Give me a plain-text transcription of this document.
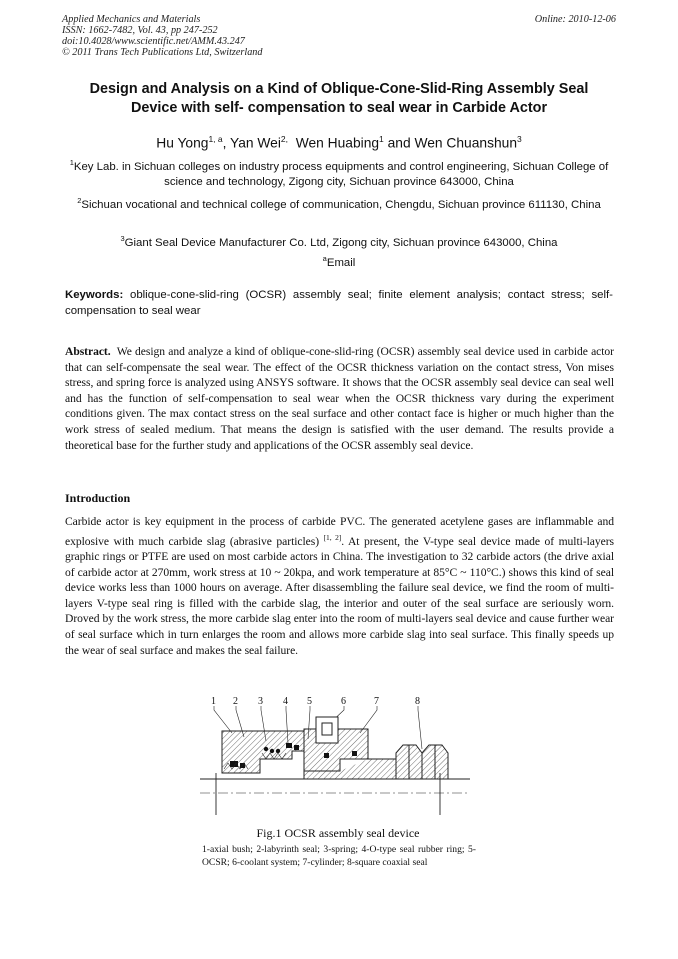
Applied Mechanics and Materials
ISSN: 1662-7482, Vol. 43, pp 247-252
doi:10.4028/www.scientific.net/AMM.43.247
© 2011 Trans Tech Publications Ltd, Switzerland
Online: 2010-12-06
Design and Analysis on a Kind of Oblique-Cone-Slid-Ring Assembly Seal
Device with self- compensation to seal wear in Carbide Actor
Hu Yong$^{1, a}$, Yan Wei$^{2,}$ Wen Huabing$^1$ and Wen Chuanshun$^3$
$^1$Key Lab. in Sichuan colleges on industry process equipments and control engineering, Sichuan College of science and technology, Zigong city, Sichuan province 643000, China
$^2$Sichuan vocational and technical college of communication, Chengdu, Sichuan province 611130, China
$^3$Giant Seal Device Manufacturer Co. Ltd, Zigong city, Sichuan province 643000, China
$^a$Email
Keywords: oblique-cone-slid-ring (OCSR) assembly seal; finite element analysis; contact stress; self- compensation to seal wear
Abstract. We design and analyze a kind of oblique-cone-slid-ring (OCSR) assembly seal device used in carbide actor that can self-compensate the seal wear. The effect of the OCSR thickness variation on the contact stress, Von mises stress, and spring force is analyzed using ANSYS software. It shows that the OCSR assembly seal device can seal well and has the function of self-compensation to seal wear when the OCSR thickness vary during the experiment conditions given. The max contact stress on the seal surface and other contact face is higher or much higher than the work stress of sealed medium. That means the design is satisfied with the user demand. The results provide a theoretical base for the further study and applications of the OCSR assembly seal device.
Introduction
Carbide actor is key equipment in the process of carbide PVC. The generated acetylene gases are inflammable and explosive with much carbide slag (abrasive particles) [1, 2]. At present, the V-type seal device made of multi-layers graphic rings or PTFE are used on most carbide actors in China. The investigation to 32 carbide actors (the drive axial of carbide actor at 270mm, work stress at 10 ~ 20kpa, and work temperature at 85°C ~ 110°C.) shows this kind of seal device works less than 1000 hours on average. After disassembling the failure seal device, we find the room of multi-layers V-type seal ring is filled with the carbide slag, the interior and outer of the seal surface are seriously worn. Droved by the work stress, the more carbide slag enter into the room of multi-layers seal device and cause further wear of seal surface which in turn enlarges the room and allows more carbide slag into seal surface. This finally speeds up the wear of seal surface and makes the seal failure.
1 2 3 4 5	6	7	8
Fig.1 OCSR assembly seal device
1-axial bush; 2-labyrinth seal; 3-spring; 4-O-type seal rubber ring; 5-OCSR; 6-coolant system; 7-cylinder; 8-square coaxial seal
